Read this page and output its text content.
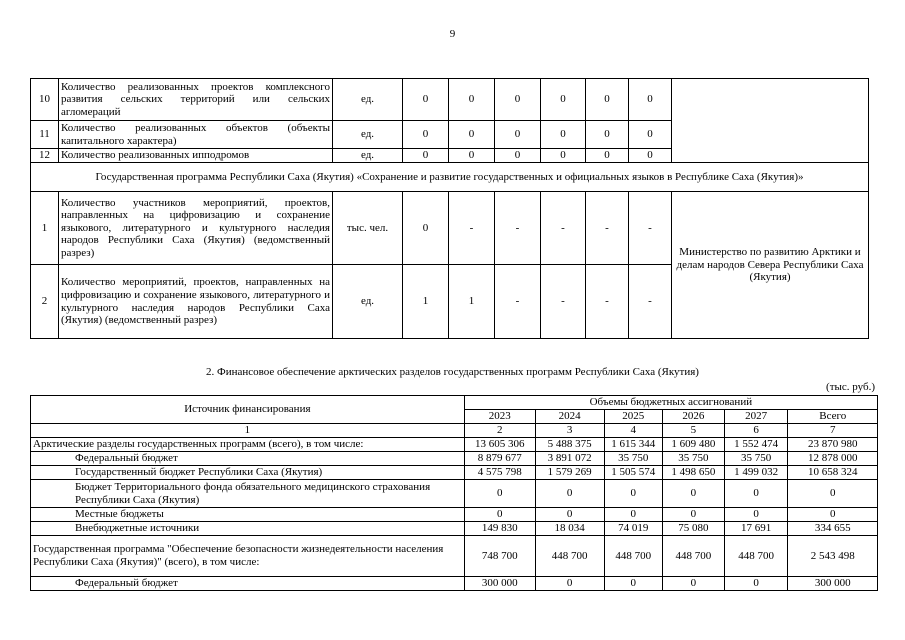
9
10	Количество реализованных проектов комплексного развития сельских территорий или сельских агломераций	ед.	0	0	0	0	0	0	
11	Количество реализованных объектов (объекты капитального характера)	ед.	0	0	0	0	0	0	
12	Количество реализованных ипподромов	ед.	0	0	0	0	0	0	
Государственная программа Республики Саха (Якутия) «Сохранение и развитие государственных и официальных языков в Республике Саха (Якутия)»									
1	Количество участников мероприятий, проектов, направленных на цифровизацию и сохранение языкового, литературного и культурного наследия народов Республики Саха (Якутия) (ведомственный разрез)	тыс. чел.	0	-	-	-	-	-	Министерство по развитию Арктики и делам народов Севера Республики Саха (Якутия)
2	Количество мероприятий, проектов, направленных на цифровизацию и сохранение языкового, литературного и культурного наследия народов Республики Саха (Якутия) (ведомственный разрез)	ед.	1	1	-	-	-	-	
2. Финансовое обеспечение арктических разделов государственных программ Республики Саха (Якутия)
(тыс. руб.)
Источник финансирования	Объемы бюджетных ассигнований					
	2023	2024	2025	2026	2027	Всего
1	2	3	4	5	6	7
Арктические разделы государственных программ (всего), в том числе:	13 605 306	5 488 375	1 615 344	1 609 480	1 552 474	23 870 980
Федеральный бюджет	8 879 677	3 891 072	35 750	35 750	35 750	12 878 000
Государственный бюджет Республики Саха (Якутия)	4 575 798	1 579 269	1 505 574	1 498 650	1 499 032	10 658 324
Бюджет Территориального фонда обязательного медицинского страхования Республики Саха (Якутия)	0	0	0	0	0	0
Местные бюджеты	0	0	0	0	0	0
Внебюджетные источники	149 830	18 034	74 019	75 080	17 691	334 655
Государственная программа "Обеспечение безопасности жизнедеятельности населения Республики Саха (Якутия)" (всего), в том числе:	748 700	448 700	448 700	448 700	448 700	2 543 498
Федеральный бюджет	300 000	0	0	0	0	300 000
